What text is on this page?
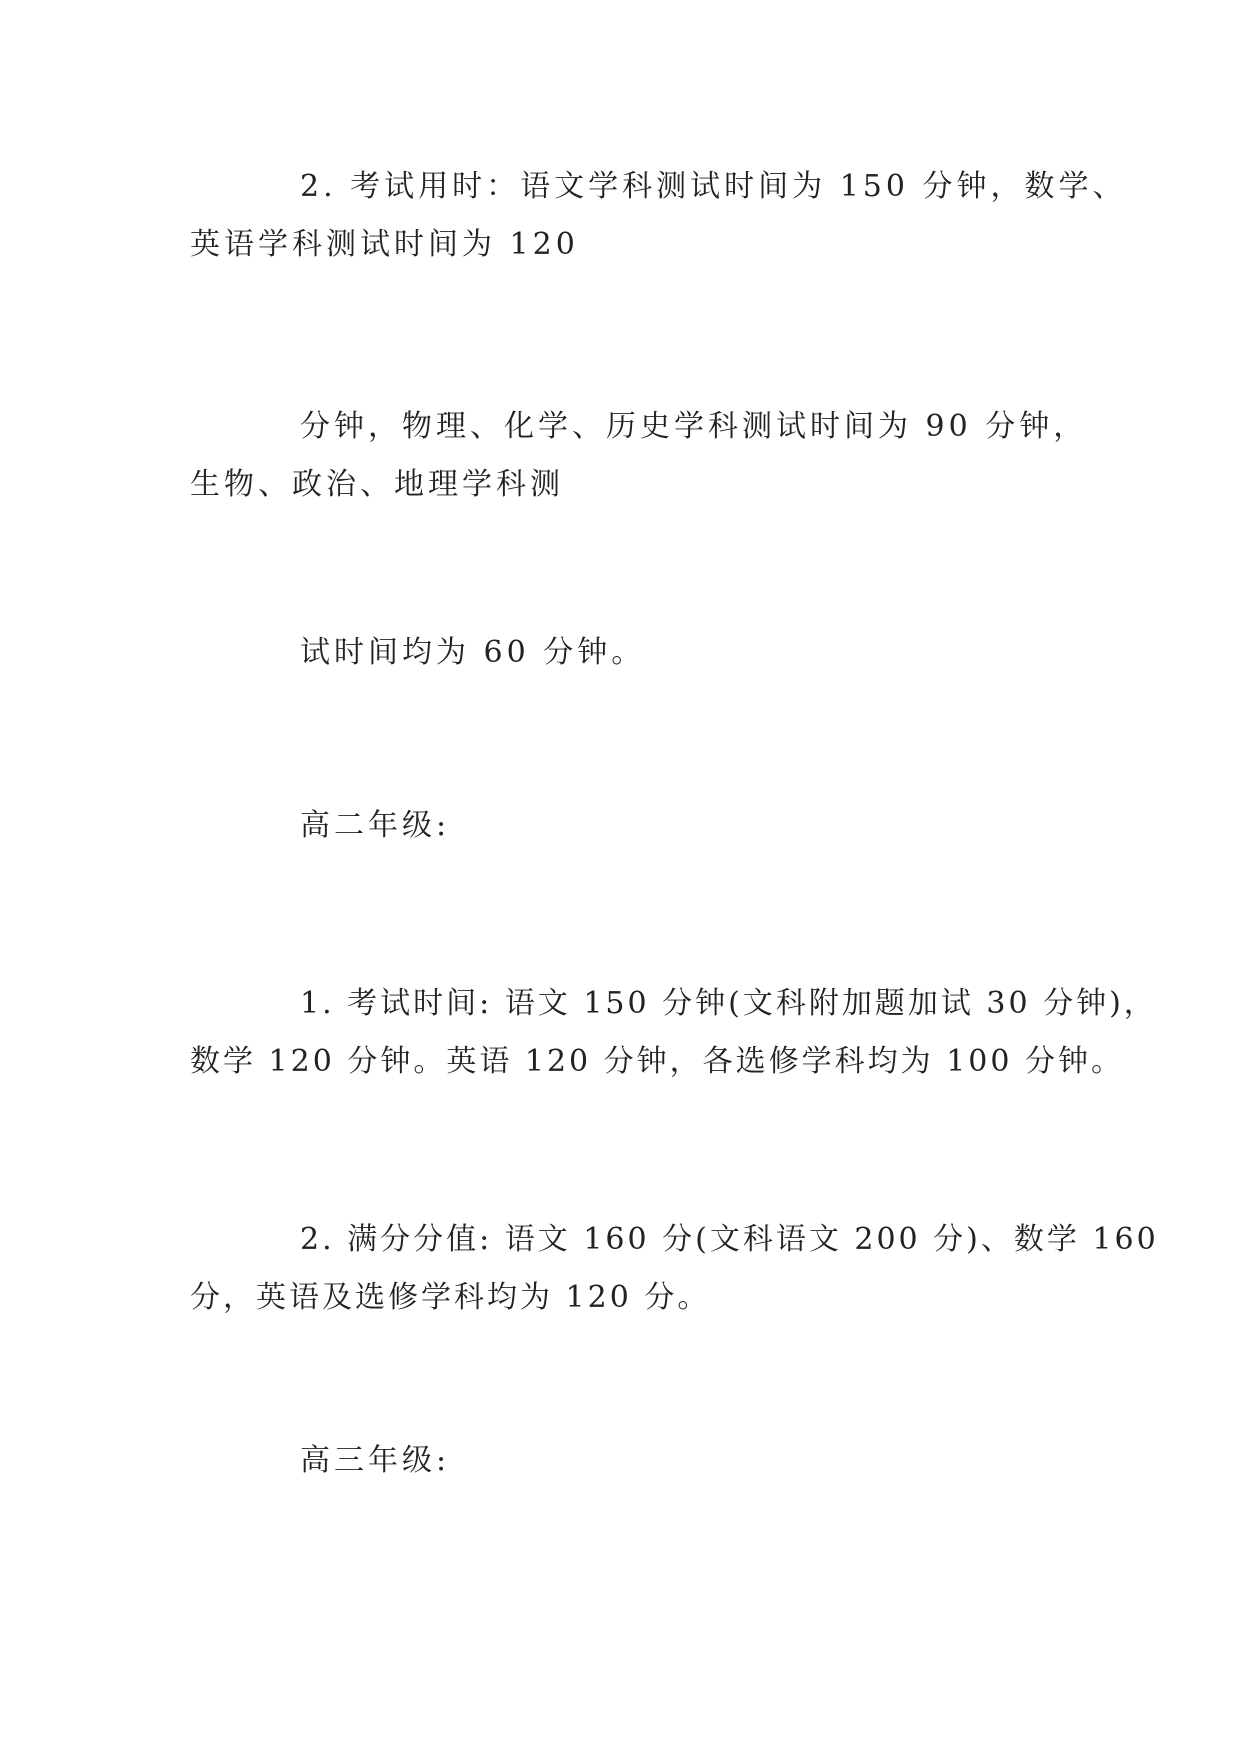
2. 考试用时：语文学科测试时间为 150 分钟，数学、
英语学科测试时间为 120
分钟，物理、化学、历史学科测试时间为 90 分钟，
生物、政治、地理学科测
试时间均为 60 分钟。
高二年级:
1. 考试时间: 语文 150 分钟(文科附加题加试 30 分钟)，
数学 120 分钟。英语 120 分钟，各选修学科均为 100 分钟。
2. 满分分值: 语文 160 分(文科语文 200 分)、数学 160
分，英语及选修学科均为 120 分。
高三年级:
